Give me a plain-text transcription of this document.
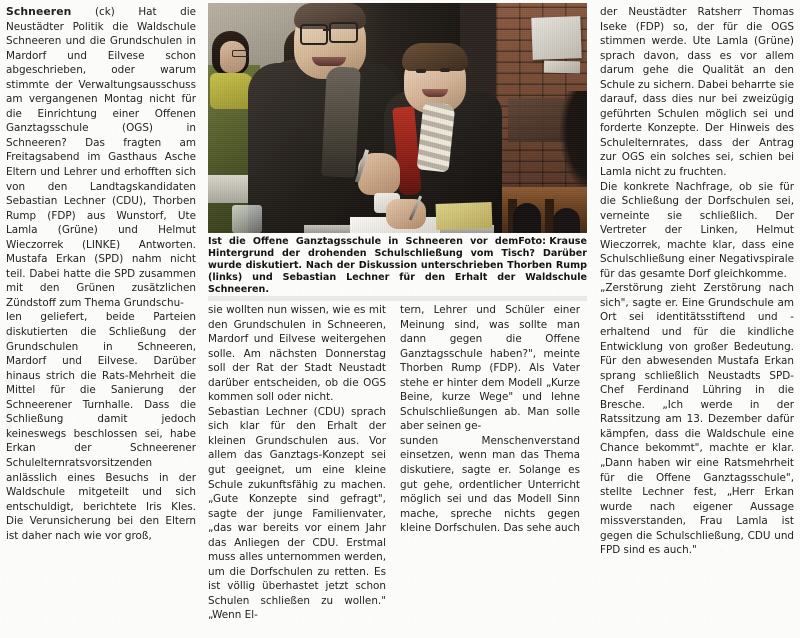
Schneeren (ck) Hat die Neustädter Politik die Waldschule Schneeren und die Grundschulen in Mardorf und Eilvese schon abgeschrieben, oder warum stimmte der Verwaltungsausschuss am vergangenen Montag nicht für die Einrichtung einer Offenen Ganztagsschule (OGS) in Schneeren? Das fragten am Freitagsabend im Gasthaus Asche Eltern und Lehrer und erhofften sich von den Landtagskandidaten Sebastian Lechner (CDU), Thorben Rump (FDP) aus Wunstorf, Ute Lamla (Grüne) und Helmut Wieczorrek (LINKE) Antworten. Mustafa Erkan (SPD) nahm nicht teil. Dabei hatte die SPD zusammen mit den Grünen zusätzlichen Zündstoff zum Thema Grundschu-

len geliefert, beide Parteien diskutierten die Schließung der Grundschulen in Schneeren, Mardorf und Eilvese. Darüber hinaus strich die Rats-Mehrheit die Mittel für die Sanierung der Schneerener Turnhalle. Dass die Schließung damit jedoch keineswegs beschlossen sei, habe Erkan der Schneerener Schulelternratsvorsitzenden anlässlich eines Besuchs in der Waldschule mitgeteilt und sich entschuldigt, berichtete Iris Kles. Die Verunsicherung bei den Eltern ist daher nach wie vor groß,

Foto: Krause
Ist die Offene Ganztagsschule in Schneeren vor dem Hintergrund der drohenden Schulschließung vom Tisch? Darüber wurde diskutiert. Nach der Diskussion unterschrieben Thorben Rump (links) und Sebastian Lechner für den Erhalt der Waldschule Schneeren.

sie wollten nun wissen, wie es mit den Grundschulen in Schneeren, Mardorf und Eilvese weitergehen solle. Am nächsten Donnerstag soll der Rat der Stadt Neustadt darüber entscheiden, ob die OGS kommen soll oder nicht.

Sebastian Lechner (CDU) sprach sich klar für den Erhalt der kleinen Grundschulen aus. Vor allem das Ganztags-Konzept sei gut geeignet, um eine kleine Schule zukunftsfähig zu machen. „Gute Konzepte sind gefragt", sagte der junge Familienvater, „das war bereits vor einem Jahr das Anliegen der CDU. Erstmal muss alles unternommen werden, um die Dorfschulen zu retten. Es ist völlig überhastet jetzt schon Schulen schließen zu wollen." „Wenn El-

tern, Lehrer und Schüler einer Meinung sind, was sollte man dann gegen die Offene Ganztagsschule haben?", meinte Thorben Rump (FDP). Als Vater stehe er hinter dem Modell „Kurze Beine, kurze Wege" und lehne Schulschließungen ab. Man solle aber seinen ge-

sunden Menschenverstand einsetzen, wenn man das Thema diskutiere, sagte er. Solange es gut gehe, ordentlicher Unterricht möglich sei und das Modell Sinn mache, spreche nichts gegen kleine Dorfschulen. Das sehe auch

der Neustädter Ratsherr Thomas Iseke (FDP) so, der für die OGS stimmen werde. Ute Lamla (Grüne) sprach davon, dass es vor allem darum gehe die Qualität an den Schule zu sichern. Dabei beharrte sie darauf, dass dies nur bei zweizügig geführten Schulen möglich sei und forderte Konzepte. Der Hinweis des Schulelternrates, dass der Antrag zur OGS ein solches sei, schien bei Lamla nicht zu fruchten.

Die konkrete Nachfrage, ob sie für die Schließung der Dorfschulen sei, verneinte sie schließlich. Der Vertreter der Linken, Helmut Wieczorrek, machte klar, dass eine Schulschließung einer Negativspirale für das gesamte Dorf gleichkomme.

„Zerstörung zieht Zerstörung nach sich", sagte er. Eine Grundschule am Ort sei identitätsstiftend und -erhaltend und für die kindliche Entwicklung von großer Bedeutung. Für den abwesenden Mustafa Erkan sprang schließlich Neustadts SPD-Chef Ferdinand Lühring in die Bresche. „Ich werde in der Ratssitzung am 13. Dezember dafür kämpfen, dass die Waldschule eine Chance bekommt", machte er klar. „Dann haben wir eine Ratsmehrheit für die Offene Ganztagsschule", stellte Lechner fest, „Herr Erkan wurde nach eigener Aussage missverstanden, Frau Lamla ist gegen die Schulschließung, CDU und FPD sind es auch."
